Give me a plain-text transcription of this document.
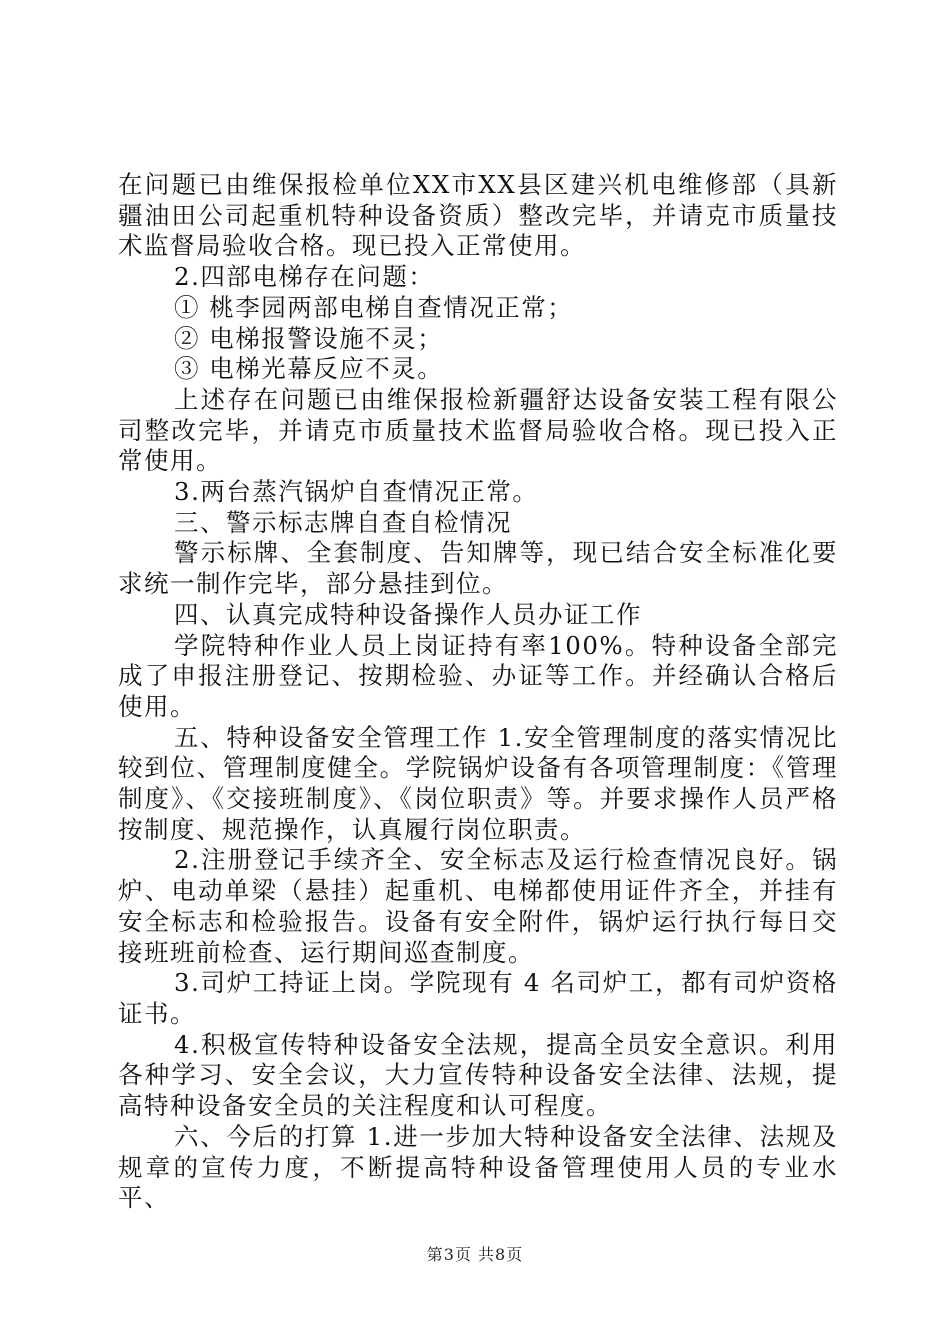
在问题已由维保报检单位XX市XX县区建兴机电维修部（具新疆油田公司起重机特种设备资质）整改完毕，并请克市质量技术监督局验收合格。现已投入正常使用。

2.四部电梯存在问题：

① 桃李园两部电梯自查情况正常；

② 电梯报警设施不灵；

③ 电梯光幕反应不灵。

上述存在问题已由维保报检新疆舒达设备安装工程有限公司整改完毕，并请克市质量技术监督局验收合格。现已投入正常使用。

3.两台蒸汽锅炉自查情况正常。

三、警示标志牌自查自检情况

警示标牌、全套制度、告知牌等，现已结合安全标准化要求统一制作完毕，部分悬挂到位。

四、认真完成特种设备操作人员办证工作

学院特种作业人员上岗证持有率100%。特种设备全部完成了申报注册登记、按期检验、办证等工作。并经确认合格后使用。

五、特种设备安全管理工作 1.安全管理制度的落实情况比较到位、管理制度健全。学院锅炉设备有各项管理制度：《管理制度》、《交接班制度》、《岗位职责》等。并要求操作人员严格按制度、规范操作，认真履行岗位职责。

2.注册登记手续齐全、安全标志及运行检查情况良好。锅炉、电动单梁（悬挂）起重机、电梯都使用证件齐全，并挂有安全标志和检验报告。设备有安全附件，锅炉运行执行每日交接班班前检查、运行期间巡查制度。

3.司炉工持证上岗。学院现有 4 名司炉工，都有司炉资格证书。

4.积极宣传特种设备安全法规，提高全员安全意识。利用各种学习、安全会议，大力宣传特种设备安全法律、法规，提高特种设备安全员的关注程度和认可程度。

六、今后的打算 1.进一步加大特种设备安全法律、法规及规章的宣传力度，不断提高特种设备管理使用人员的专业水平、

第3页 共8页
